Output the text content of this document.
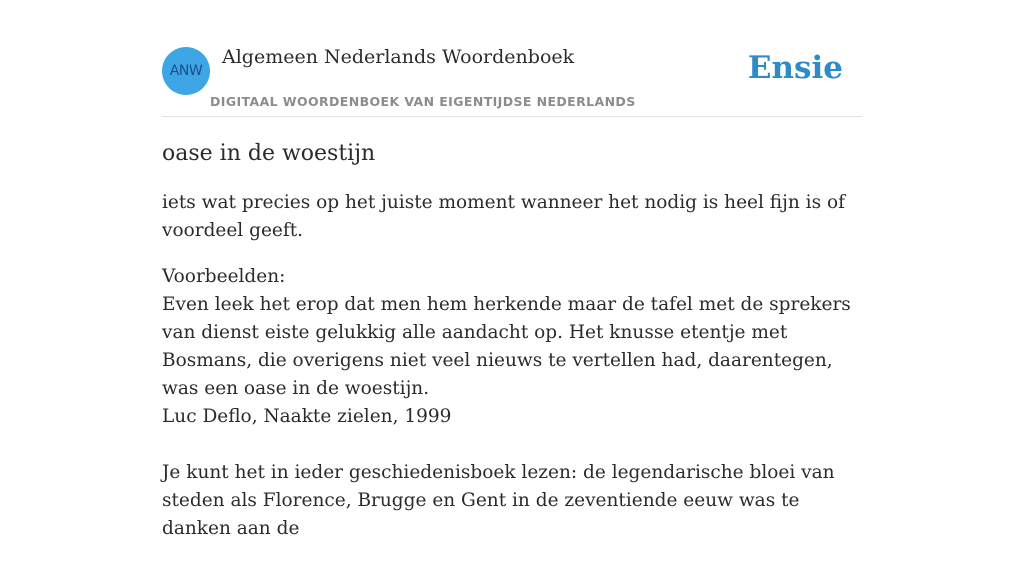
ANW
Algemeen Nederlands Woordenboek
DIGITAAL WOORDENBOEK VAN EIGENTIJDSE NEDERLANDS
Ensie
oase in de woestijn

iets wat precies op het juiste moment wanneer het nodig is heel fijn is of voordeel geeft.

Voorbeelden:

Even leek het erop dat men hem herkende maar de tafel met de sprekers van dienst eiste gelukkig alle aandacht op. Het knusse etentje met Bosmans, die overigens niet veel nieuws te vertellen had, daarentegen, was een oase in de woestijn.
Luc Deflo, Naakte zielen, 1999
Je kunt het in ieder geschiedenisboek lezen: de legendarische bloei van steden als Florence, Brugge en Gent in de zeventiende eeuw was te danken aan de
